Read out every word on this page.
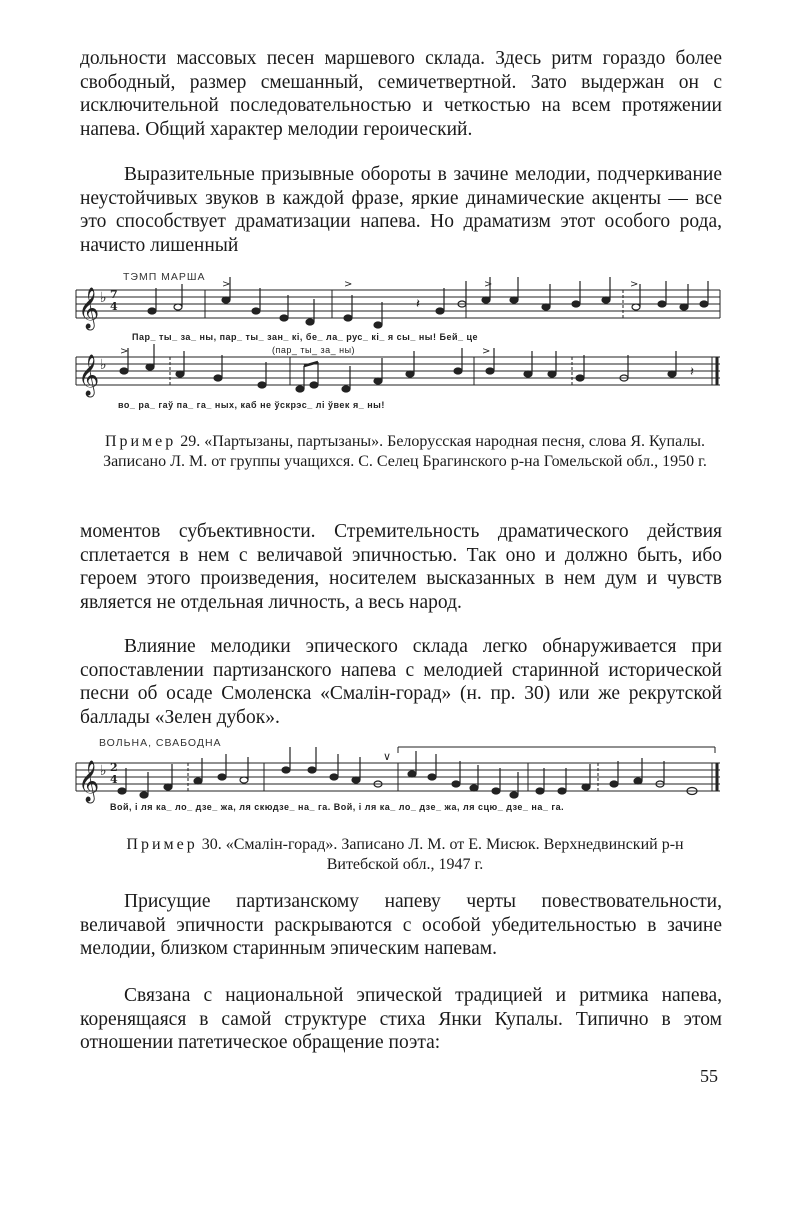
дольности массовых песен маршевого склада. Здесь ритм гораздо более свободный, размер смешанный, семичетвертной. Зато выдержан он с исключительной последовательностью и четкостью на всем протяжении напева. Общий характер мелодии героический.

Выразительные призывные обороты в зачине мелодии, подчеркивание неустойчивых звуков в каждой фразе, яркие динамические акценты — все это способствует драматизации напева. Но драматизм этот особого рода, начисто лишенный

ТЭМП МАРША
𝄞
𝄞
♭
♭
7
4	𝄽
𝄽
>	>	>	>
>	>
Пар_ ты_ за_ ны, пар_ ты_ зан_ кі, бе_ ла_ рус_ кі_ я сы_ ны! Бей_ це
(пар_ ты_ за_ ны)
во_ ра_ гаў па_ га_ ных, каб не ўскрэс_ лі ўвек я_ ны!

Пример 29. «Партызаны, партызаны». Белорусская народная песня, слова Я. Купалы. Записано Л. М. от группы учащихся. С. Селец Брагинского р-на Гомельской обл., 1950 г.

моментов субъективности. Стремительность драматического действия сплетается в нем с величавой эпичностью. Так оно и должно быть, ибо героем этого произведения, носителем высказанных в нем дум и чувств является не отдельная личность, а весь народ.

Влияние мелодики эпического склада легко обнаруживается при сопоставлении партизанского напева с мелодией старинной исторической песни об осаде Смоленска «Смалін-горад» (н. пр. 30) или же рекрутской баллады «Зелен дубок».

ВОЛЬНА, СВАБОДНА
𝄞 ♭ 2
4
∨
Вой, і ля ка_ ло_ дзе_ жа, ля скюдзе_ на_ га. Вой, і ля ка_ ло_ дзе_ жа, ля сцю_ дзе_ на_ га.

Пример 30. «Смалін-горад». Записано Л. М. от Е. Мисюк. Верхнедвинский р-н Витебской обл., 1947 г.

Присущие партизанскому напеву черты повествовательности, величавой эпичности раскрываются с особой убедительностью в зачине мелодии, близком старинным эпическим напевам.

Связана с национальной эпической традицией и ритмика напева, коренящаяся в самой структуре стиха Янки Купалы. Типично в этом отношении патетическое обращение поэта:

55
